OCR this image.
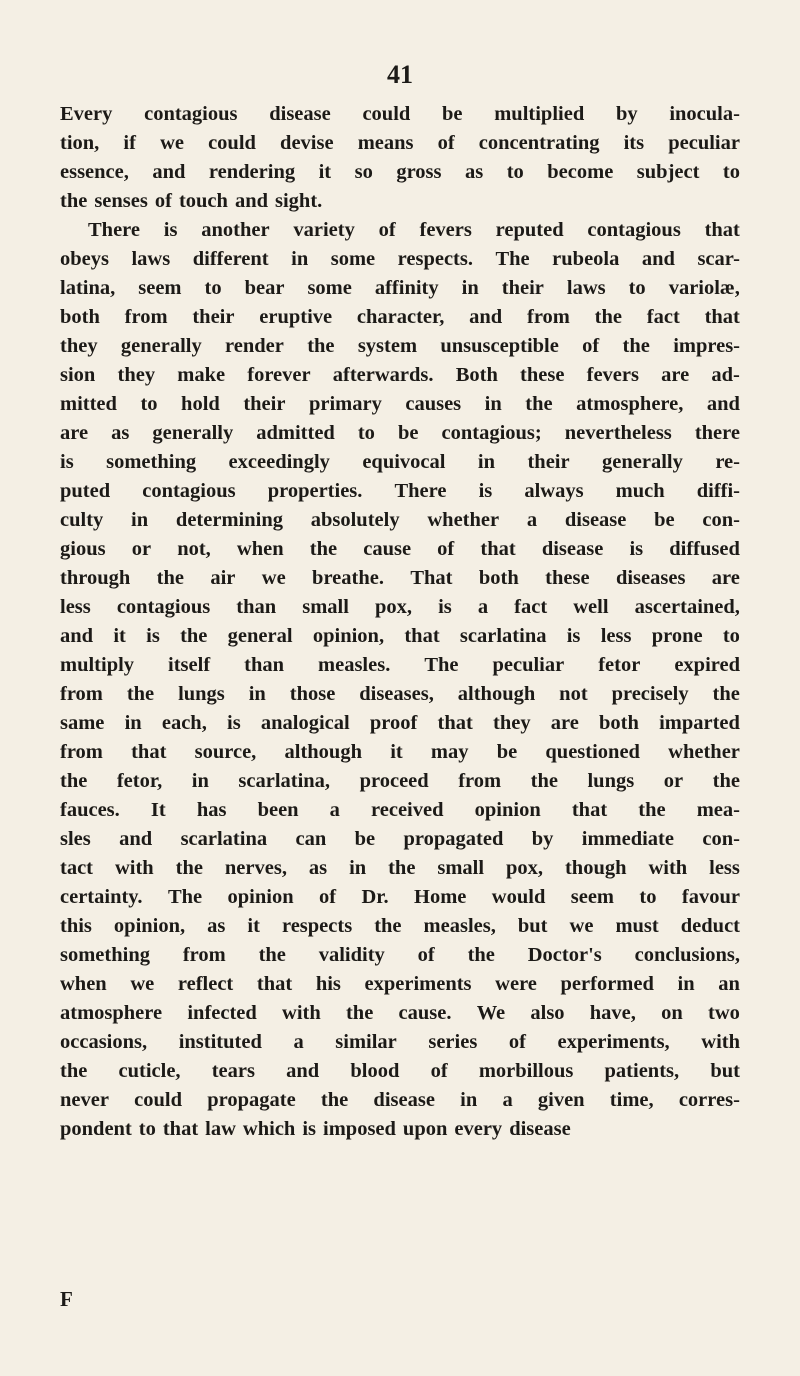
41
Every contagious disease could be multiplied by inocula-
tion, if we could devise means of concentrating its peculiar
essence, and rendering it so gross as to become subject to
the senses of touch and sight.
There is another variety of fevers reputed contagious that
obeys laws different in some respects. The rubeola and scar-
latina, seem to bear some affinity in their laws to variolæ,
both from their eruptive character, and from the fact that
they generally render the system unsusceptible of the impres-
sion they make forever afterwards. Both these fevers are ad-
mitted to hold their primary causes in the atmosphere, and
are as generally admitted to be contagious; nevertheless there
is something exceedingly equivocal in their generally re-
puted contagious properties. There is always much diffi-
culty in determining absolutely whether a disease be con-
gious or not, when the cause of that disease is diffused
through the air we breathe. That both these diseases are
less contagious than small pox, is a fact well ascertained,
and it is the general opinion, that scarlatina is less prone to
multiply itself than measles. The peculiar fetor expired
from the lungs in those diseases, although not precisely the
same in each, is analogical proof that they are both imparted
from that source, although it may be questioned whether
the fetor, in scarlatina, proceed from the lungs or the
fauces. It has been a received opinion that the mea-
sles and scarlatina can be propagated by immediate con-
tact with the nerves, as in the small pox, though with less
certainty. The opinion of Dr. Home would seem to favour
this opinion, as it respects the measles, but we must deduct
something from the validity of the Doctor's conclusions,
when we reflect that his experiments were performed in an
atmosphere infected with the cause. We also have, on two
occasions, instituted a similar series of experiments, with
the cuticle, tears and blood of morbillous patients, but
never could propagate the disease in a given time, corres-
pondent to that law which is imposed upon every disease
F
